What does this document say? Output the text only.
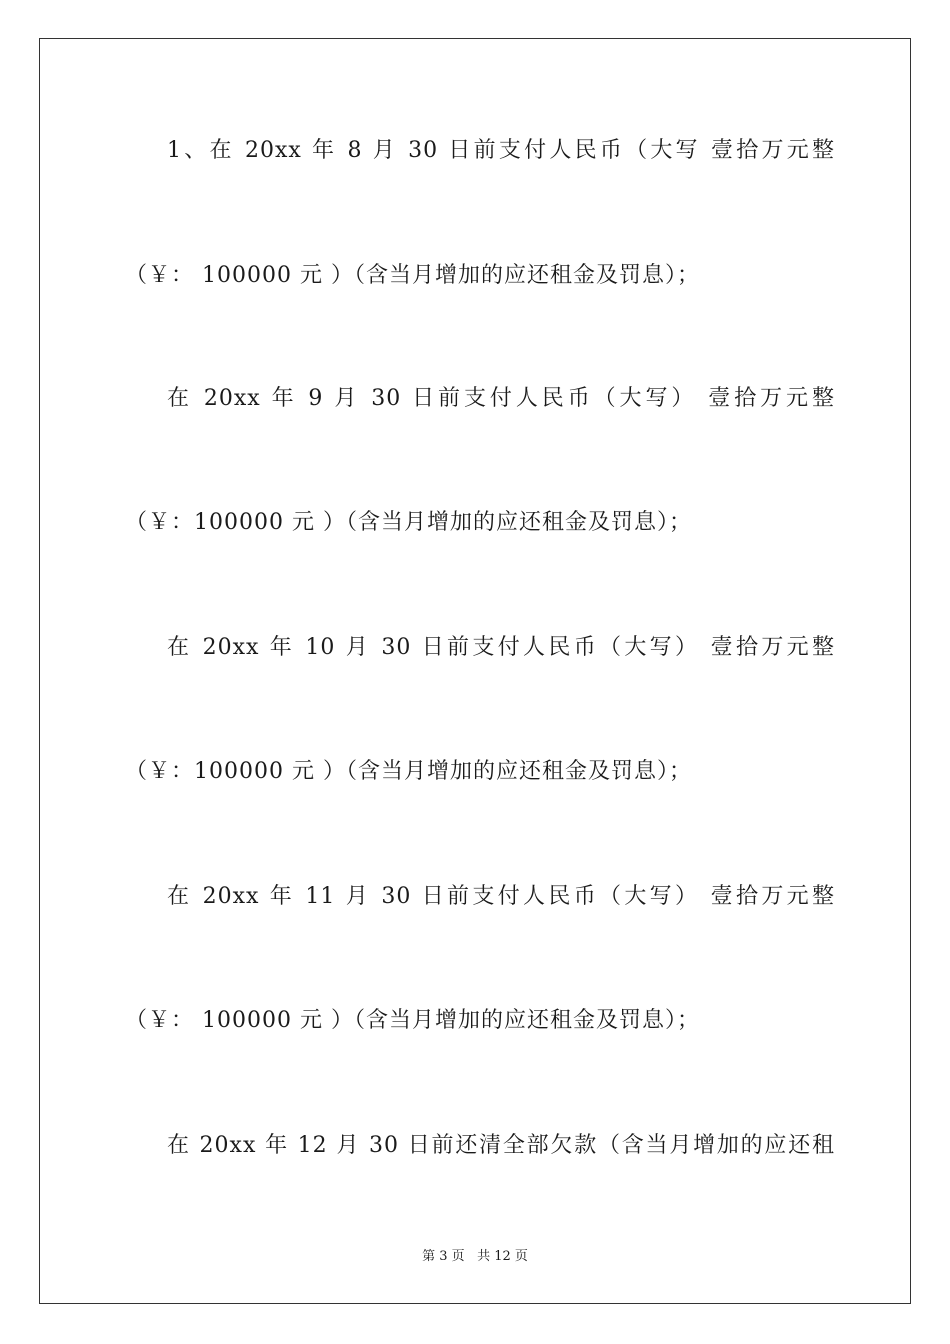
1、在 20xx 年 8 月 30 日前支付人民币（大写 壹拾万元整
（￥： 100000 元 ）（含当月增加的应还租金及罚息）；
在 20xx 年 9 月 30 日前支付人民币（大写） 壹拾万元整
（￥：100000 元 ）（含当月增加的应还租金及罚息）；
在 20xx 年 10 月 30 日前支付人民币（大写） 壹拾万元整
（￥：100000 元 ）（含当月增加的应还租金及罚息）；
在 20xx 年 11 月 30 日前支付人民币（大写） 壹拾万元整
（￥： 100000 元 ）（含当月增加的应还租金及罚息）；
在 20xx 年 12 月 30 日前还清全部欠款（含当月增加的应还租
第 3 页 共 12 页
